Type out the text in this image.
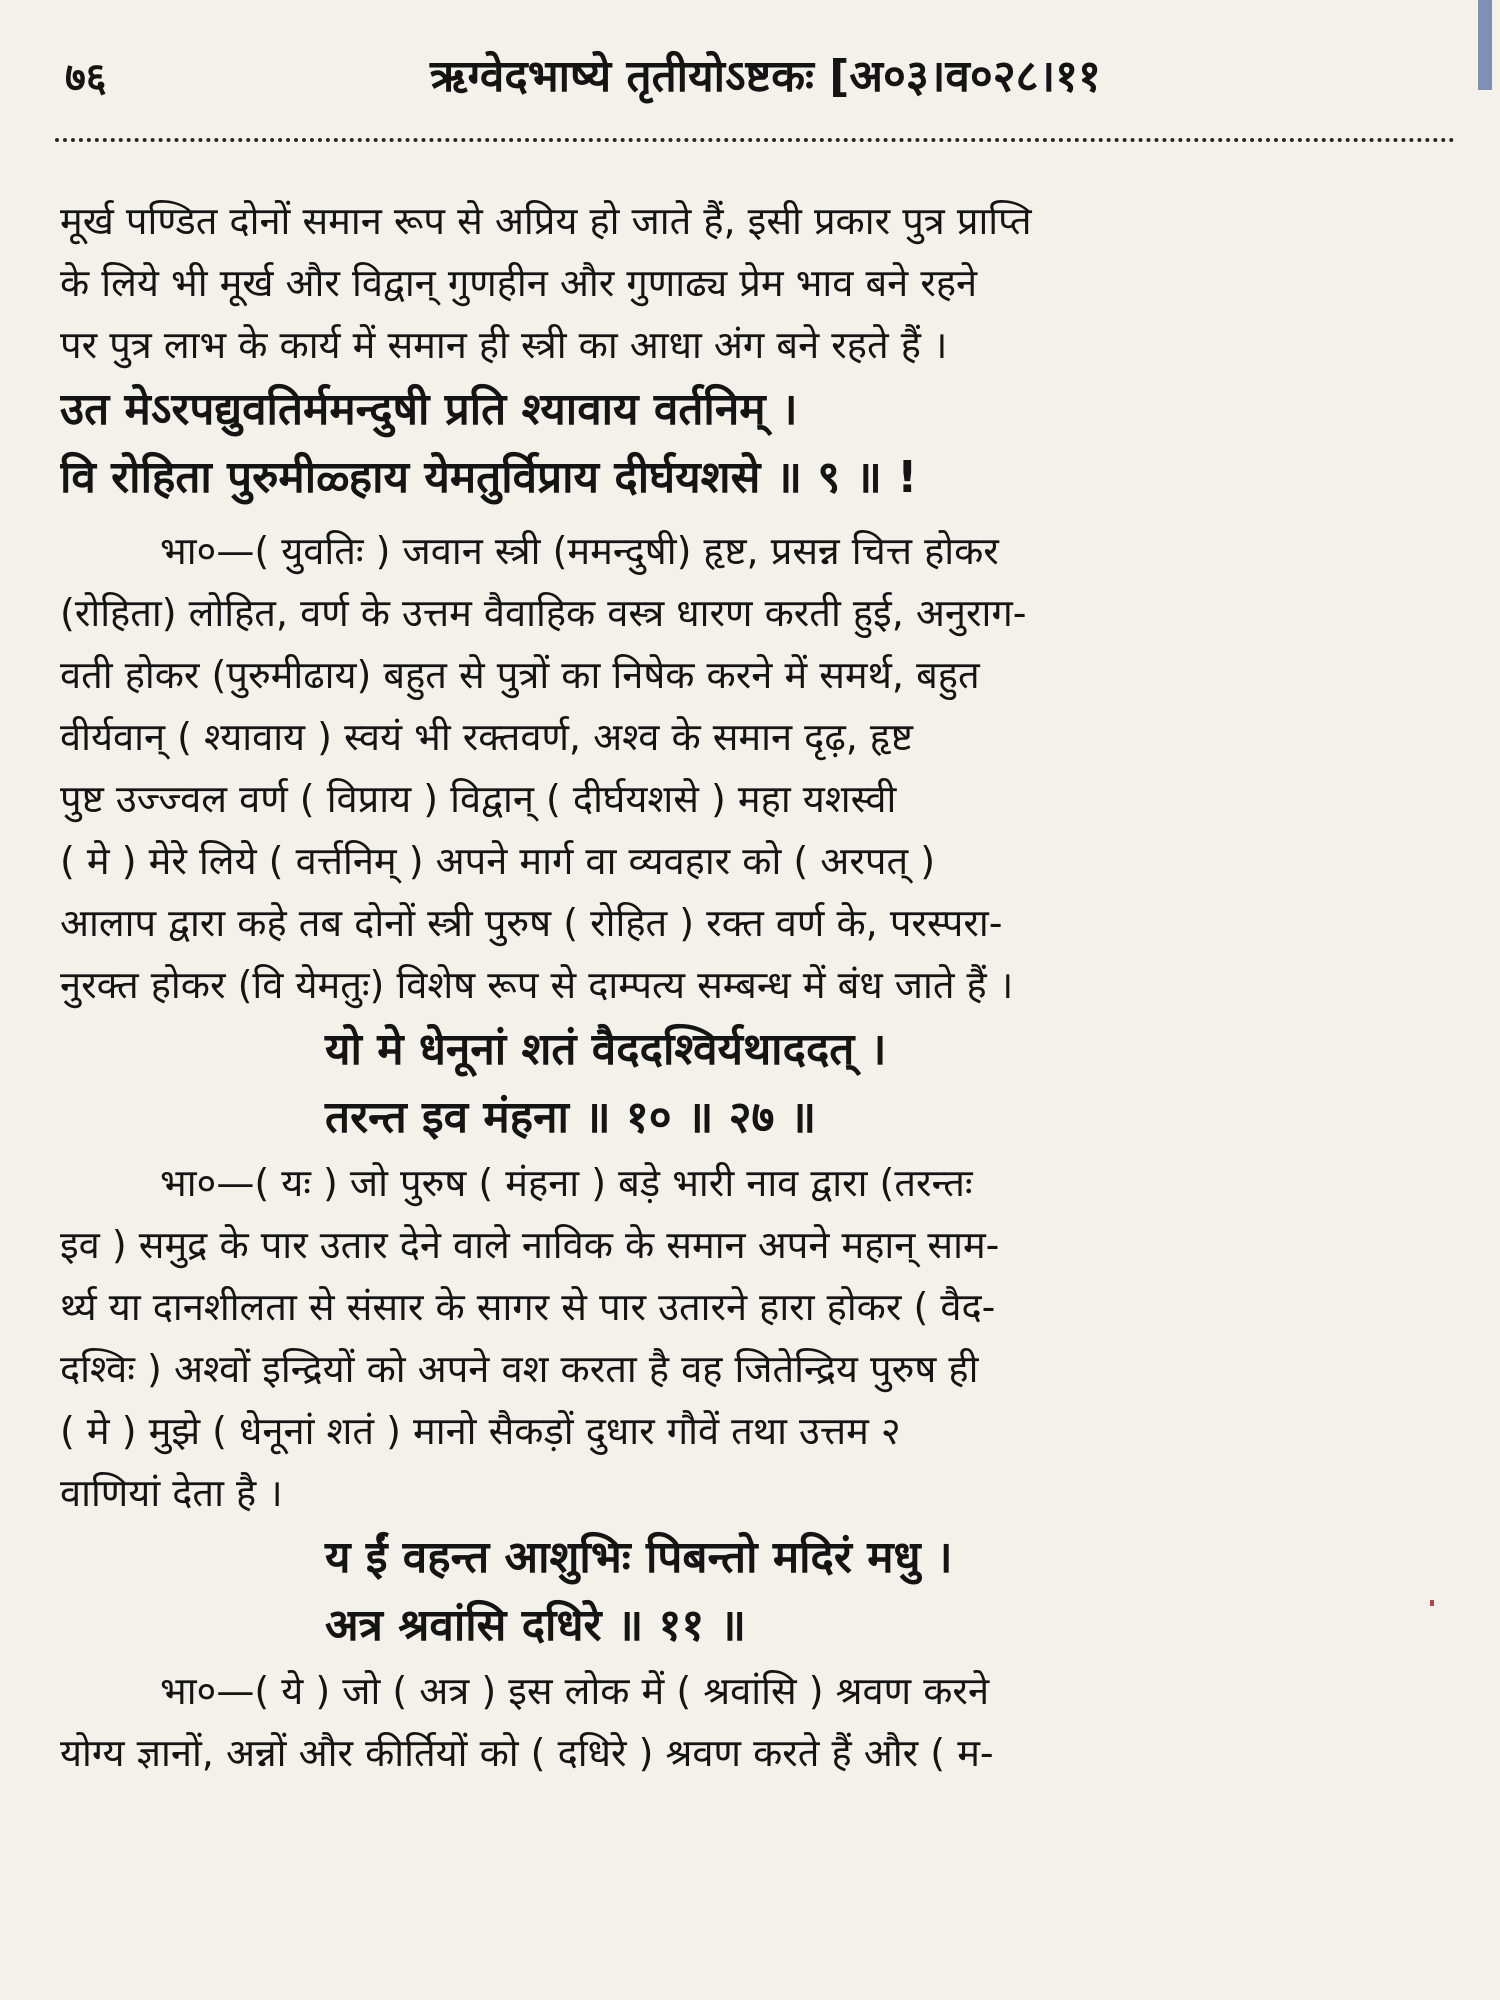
७६	ऋग्वेदभाष्ये तृतीयोऽष्टकः [अ०३।व०२८।११
मूर्ख पण्डित दोनों समान रूप से अप्रिय हो जाते हैं, इसी प्रकार पुत्र प्राप्ति
के लिये भी मूर्ख और विद्वान् गुणहीन और गुणाढ्य प्रेम भाव बने रहने
पर पुत्र लाभ के कार्य में समान ही स्त्री का आधा अंग बने रहते हैं ।
उत मेऽरपद्युवतिर्ममन्दुषी प्रति श्यावाय वर्तनिम् ।
वि रोहिता पुरुमीळ्हाय येमतुर्विप्राय दीर्घयशसे ॥ ९ ॥ !
भा०—( युवतिः ) जवान स्त्री (ममन्दुषी) हृष्ट, प्रसन्न चित्त होकर
(रोहिता) लोहित, वर्ण के उत्तम वैवाहिक वस्त्र धारण करती हुई, अनुराग-
वती होकर (पुरुमीढाय) बहुत से पुत्रों का निषेक करने में समर्थ, बहुत
वीर्यवान् ( श्यावाय ) स्वयं भी रक्तवर्ण, अश्व के समान दृढ़, हृष्ट
पुष्ट उज्ज्वल वर्ण ( विप्राय ) विद्वान् ( दीर्घयशसे ) महा यशस्वी
( मे ) मेरे लिये ( वर्त्तनिम् ) अपने मार्ग वा व्यवहार को ( अरपत् )
आलाप द्वारा कहे तब दोनों स्त्री पुरुष ( रोहित ) रक्त वर्ण के, परस्परा-
नुरक्त होकर (वि येमतुः) विशेष रूप से दाम्पत्य सम्बन्ध में बंध जाते हैं ।
यो मे धेनूनां शतं वैददश्विर्यथाददत् ।
तरन्त इव मंहना ॥ १० ॥ २७ ॥
भा०—( यः ) जो पुरुष ( मंहना ) बड़े भारी नाव द्वारा (तरन्तः
इव ) समुद्र के पार उतार देने वाले नाविक के समान अपने महान् साम-
र्थ्य या दानशीलता से संसार के सागर से पार उतारने हारा होकर ( वैद-
दश्विः ) अश्वों इन्द्रियों को अपने वश करता है वह जितेन्द्रिय पुरुष ही
( मे ) मुझे ( धेनूनां शतं ) मानो सैकड़ों दुधार गौवें तथा उत्तम २
वाणियां देता है ।
य ईं वहन्त आशुभिः पिबन्तो मदिरं मधु ।
अत्र श्रवांसि दधिरे ॥ ११ ॥
भा०—( ये ) जो ( अत्र ) इस लोक में ( श्रवांसि ) श्रवण करने
योग्य ज्ञानों, अन्नों और कीर्तियों को ( दधिरे ) श्रवण करते हैं और ( म-
